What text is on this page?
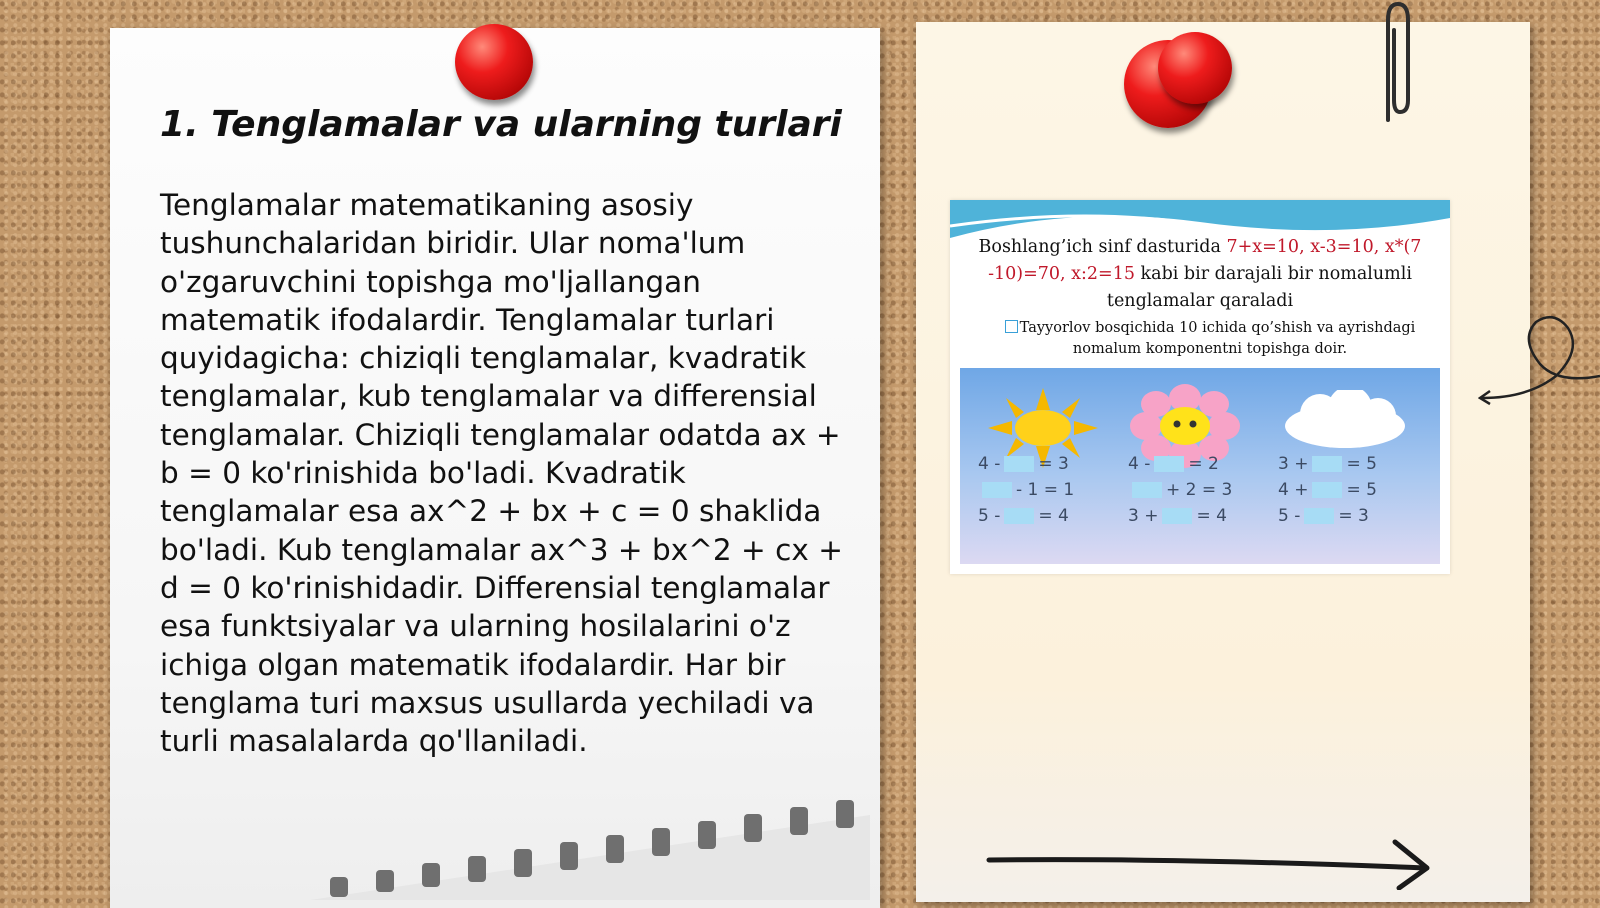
1. Tenglamalar va ularning turlari

Tenglamalar matematikaning asosiy tushunchalaridan biridir. Ular noma'lum o'zgaruvchini topishga mo'ljallangan matematik ifodalardir. Tenglamalar turlari quyidagicha: chiziqli tenglamalar, kvadratik tenglamalar, kub tenglamalar va differensial tenglamalar. Chiziqli tenglamalar odatda ax + b = 0 ko'rinishida bo'ladi. Kvadratik tenglamalar esa ax^2 + bx + c = 0 shaklida bo'ladi. Kub tenglamalar ax^3 + bx^2 + cx + d = 0 ko'rinishidadir. Differensial tenglamalar esa funktsiyalar va ularning hosilalarini o'z ichiga olgan matematik ifodalardir. Har bir tenglama turi maxsus usullarda yechiladi va turli masalalarda qo'llaniladi.

Boshlang’ich sinf dasturida 7+x=10, x-3=10, x*(7 -10)=70, x:2=15 kabi bir darajali bir nomalumli tenglamalar qaraladi

Tayyorlov bosqichida 10 ichida qo’shish va ayrishdagi nomalum komponentni topishga doir.

4 - = 3	4 - = 2	3 + = 5
- 1 = 1	+ 2 = 3	4 + = 5
5 - = 4	3 + = 4	5 - = 3
